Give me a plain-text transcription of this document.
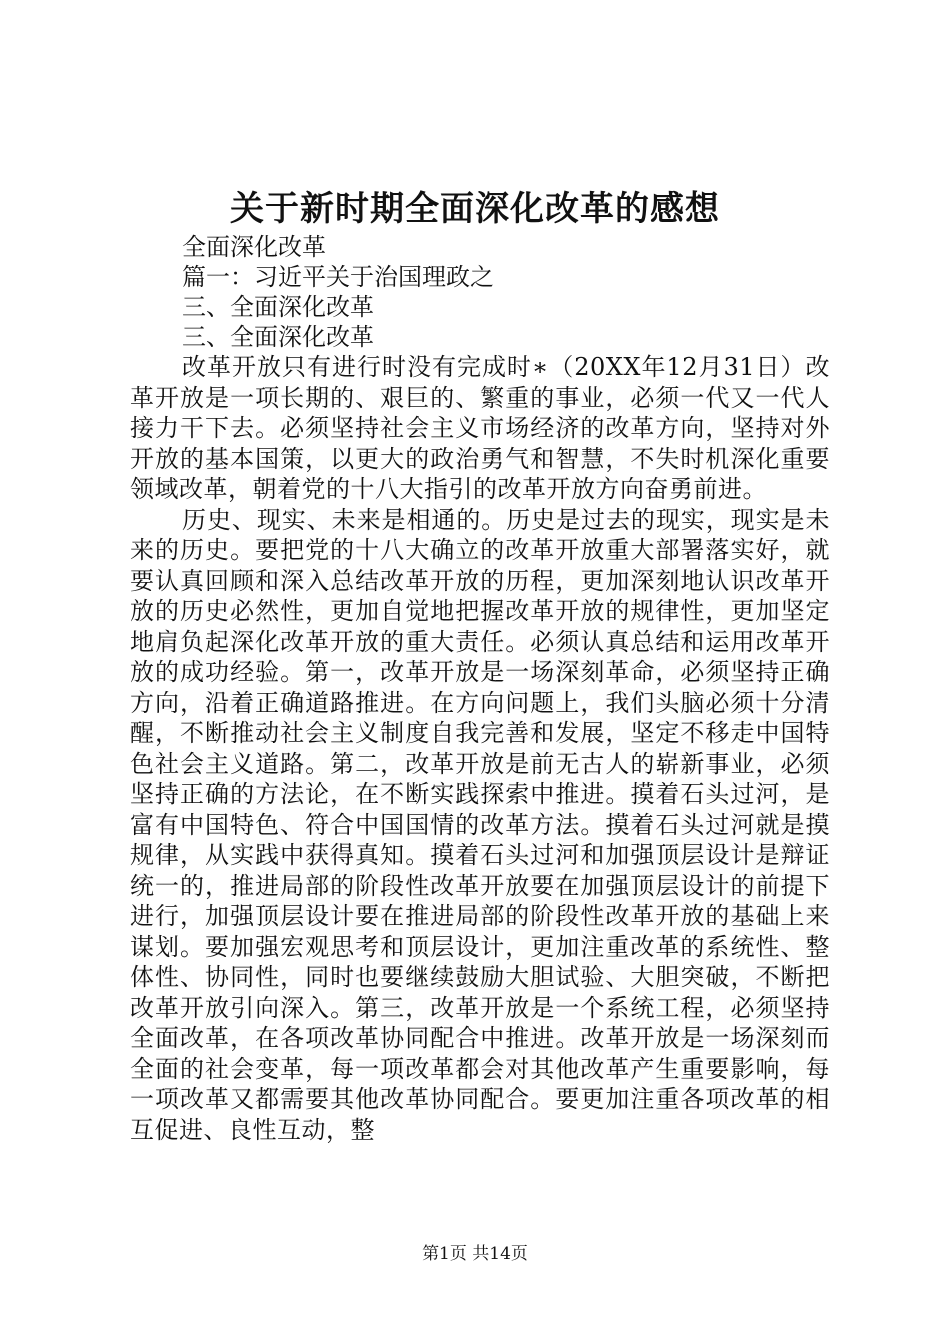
关于新时期全面深化改革的感想

全面深化改革

篇一：习近平关于治国理政之

三、全面深化改革

三、全面深化改革

改革开放只有进行时没有完成时∗（20XX年12月31日）改革开放是一项长期的、艰巨的、繁重的事业，必须一代又一代人接力干下去。必须坚持社会主义市场经济的改革方向，坚持对外开放的基本国策，以更大的政治勇气和智慧，不失时机深化重要领域改革，朝着党的十八大指引的改革开放方向奋勇前进。

历史、现实、未来是相通的。历史是过去的现实，现实是未来的历史。要把党的十八大确立的改革开放重大部署落实好，就要认真回顾和深入总结改革开放的历程，更加深刻地认识改革开放的历史必然性，更加自觉地把握改革开放的规律性，更加坚定地肩负起深化改革开放的重大责任。必须认真总结和运用改革开放的成功经验。第一，改革开放是一场深刻革命，必须坚持正确方向，沿着正确道路推进。在方向问题上，我们头脑必须十分清醒，不断推动社会主义制度自我完善和发展，坚定不移走中国特色社会主义道路。第二，改革开放是前无古人的崭新事业，必须坚持正确的方法论，在不断实践探索中推进。摸着石头过河，是富有中国特色、符合中国国情的改革方法。摸着石头过河就是摸规律，从实践中获得真知。摸着石头过河和加强顶层设计是辩证统一的，推进局部的阶段性改革开放要在加强顶层设计的前提下进行，加强顶层设计要在推进局部的阶段性改革开放的基础上来谋划。要加强宏观思考和顶层设计，更加注重改革的系统性、整体性、协同性，同时也要继续鼓励大胆试验、大胆突破，不断把改革开放引向深入。第三，改革开放是一个系统工程，必须坚持全面改革，在各项改革协同配合中推进。改革开放是一场深刻而全面的社会变革，每一项改革都会对其他改革产生重要影响，每一项改革又都需要其他改革协同配合。要更加注重各项改革的相互促进、良性互动，整

第1页 共14页
